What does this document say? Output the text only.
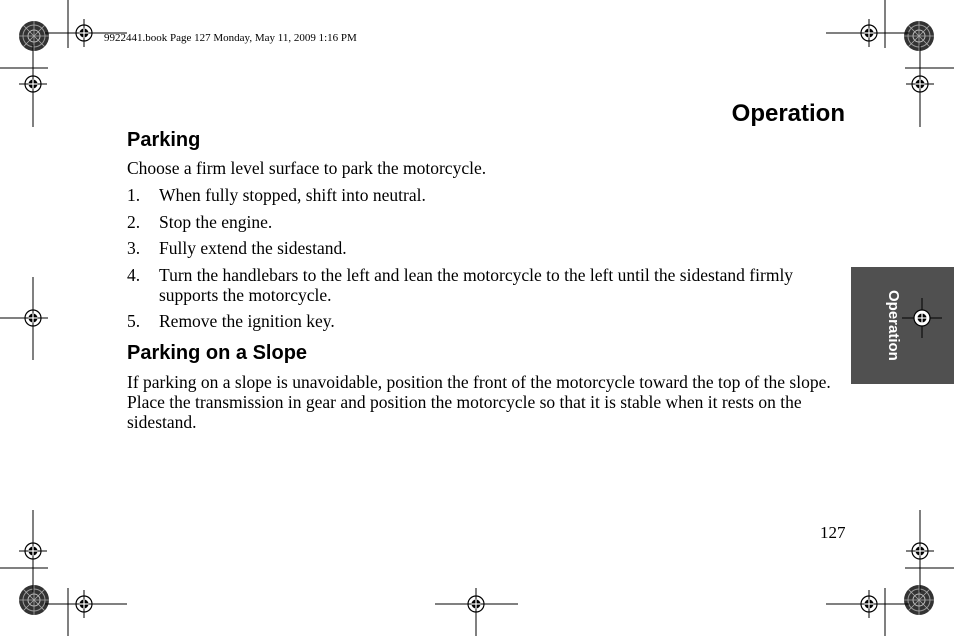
9922441.book Page 127 Monday, May 11, 2009 1:16 PM
Operation
Parking
Choose a firm level surface to park the motorcycle.
1.	When fully stopped, shift into neutral.
2.	Stop the engine.
3.	Fully extend the sidestand.
4.	Turn the handlebars to the left and lean the motorcycle to the left until the sidestand firmly supports the motorcycle.
5.	Remove the ignition key.
Parking on a Slope
If parking on a slope is unavoidable, position the front of the motorcycle toward the top of the slope. Place the transmission in gear and position the motorcycle so that it is stable when it rests on the sidestand.
127
Operation
